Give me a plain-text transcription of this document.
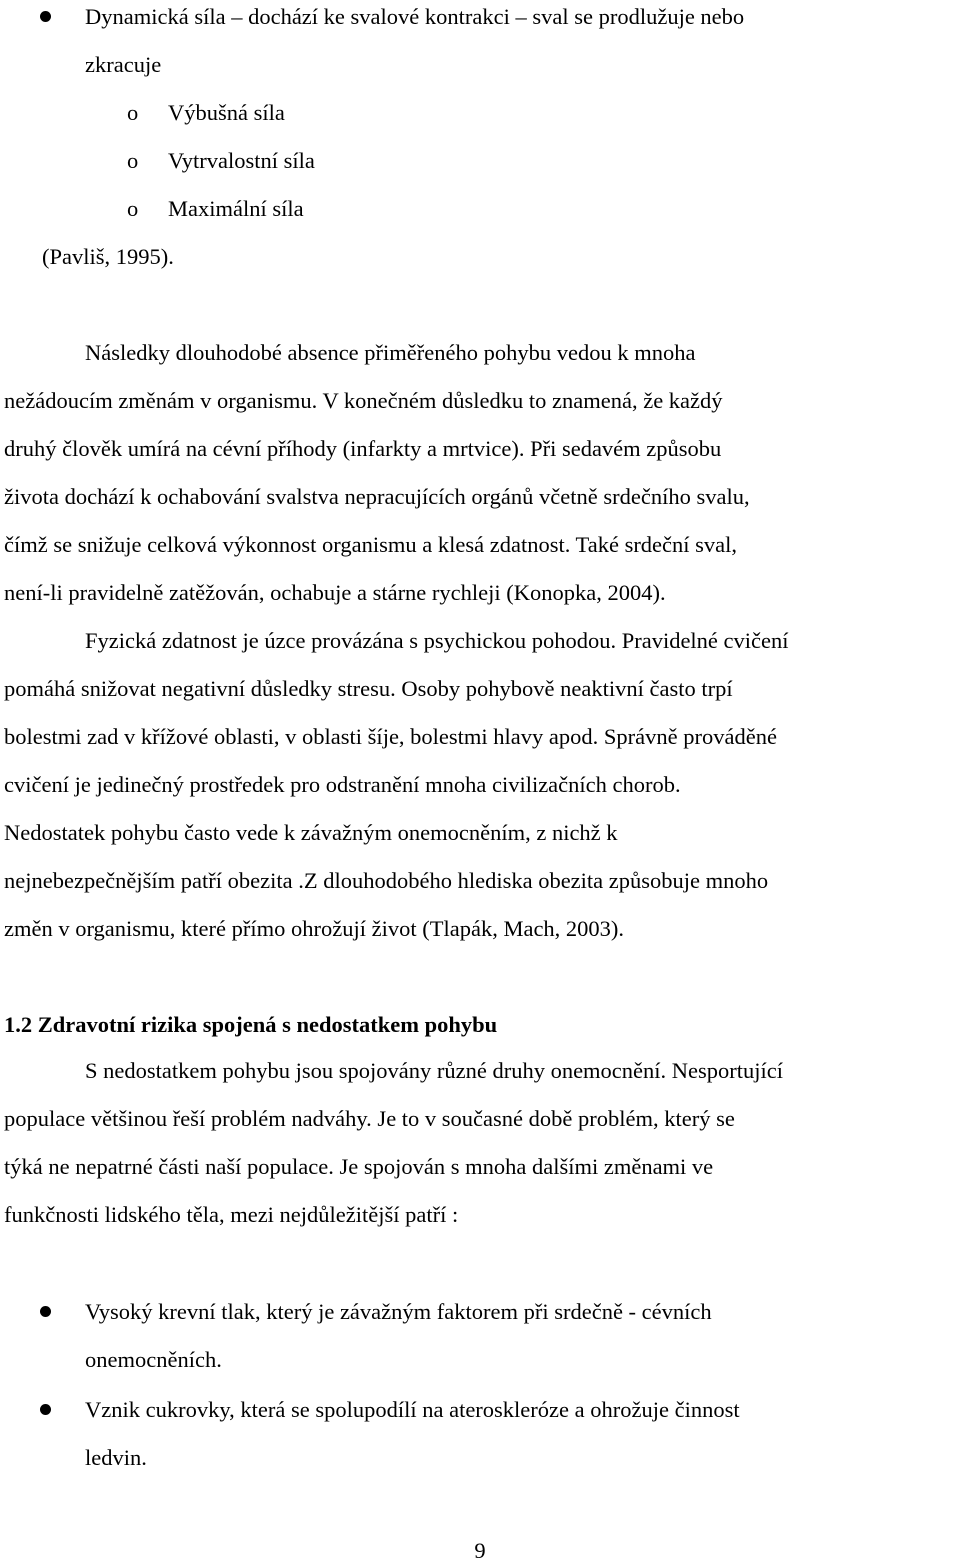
Dynamická síla – dochází ke svalové kontrakci – sval se prodlužuje nebo
zkracuje
o Výbušná síla
o Vytrvalostní síla
o Maximální síla
(Pavliš, 1995).
Následky dlouhodobé absence přiměřeného pohybu vedou k mnoha
nežádoucím změnám v organismu. V konečném důsledku to znamená, že každý
druhý člověk umírá na cévní příhody (infarkty a mrtvice). Při sedavém způsobu
života dochází k ochabování svalstva nepracujících orgánů včetně srdečního svalu,
čímž se snižuje celková výkonnost organismu a klesá zdatnost. Také srdeční sval,
není-li pravidelně zatěžován, ochabuje a stárne rychleji (Konopka, 2004).
Fyzická zdatnost je úzce provázána s psychickou pohodou. Pravidelné cvičení
pomáhá snižovat negativní důsledky stresu. Osoby pohybově neaktivní často trpí
bolestmi zad v křížové oblasti, v oblasti šíje, bolestmi hlavy apod. Správně prováděné
cvičení je jedinečný prostředek pro odstranění mnoha civilizačních chorob.
Nedostatek pohybu často vede k závažným onemocněním, z nichž k
nejnebezpečnějším patří obezita .Z dlouhodobého hlediska obezita způsobuje mnoho
změn v organismu, které přímo ohrožují život (Tlapák, Mach, 2003).
1.2 Zdravotní rizika spojená s nedostatkem pohybu
S nedostatkem pohybu jsou spojovány různé druhy onemocnění. Nesportující
populace většinou řeší problém nadváhy. Je to v současné době problém, který se
týká ne nepatrné části naší populace. Je spojován s mnoha dalšími změnami ve
funkčnosti lidského těla, mezi nejdůležitější patří :
Vysoký krevní tlak, který je závažným faktorem při srdečně - cévních
onemocněních.
Vznik cukrovky, která se spolupodílí na ateroskleróze a ohrožuje činnost
ledvin.
9
